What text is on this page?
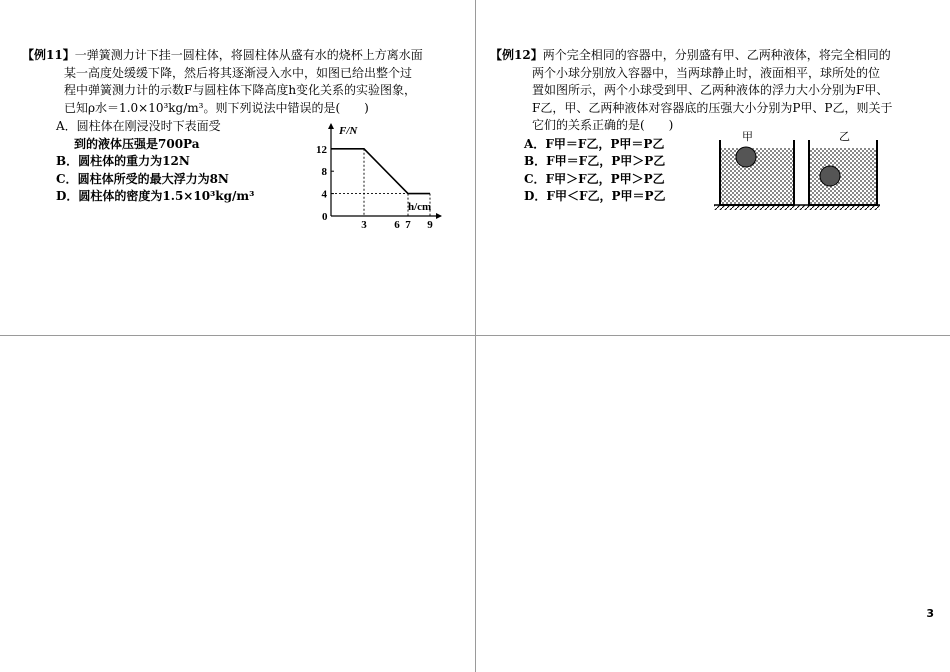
【例11】一弹簧测力计下挂一圆柱体，将圆柱体从盛有水的烧杯上方离水面

某一高度处缓缓下降，然后将其逐渐浸入水中，如图已给出整个过

程中弹簧测力计的示数F与圆柱体下降高度h变化关系的实验图象，

已知ρ水＝1.0×10³kg/m³。则下列说法中错误的是(　　)

A．圆柱体在刚浸没时下表面受
到的液体压强是700Pa
B．圆柱体的重力为12N
C．圆柱体所受的最大浮力为8N
D．圆柱体的密度为1.5×10³kg/m³
12
8
4
3	6 7 9
F/N
h/cm
0

【例12】两个完全相同的容器中，分别盛有甲、乙两种液体，将完全相同的

两个小球分别放入容器中，当两球静止时，液面相平，球所处的位

置如图所示，两个小球受到甲、乙两种液体的浮力大小分别为F甲、

F乙，甲、乙两种液体对容器底的压强大小分别为P甲、P乙，则关于

它们的关系正确的是(　　)

A．F甲＝F乙，P甲＝P乙
B．F甲＝F乙，P甲＞P乙
C．F甲＞F乙，P甲＞P乙
D．F甲＜F乙，P甲＝P乙
甲	乙
3
